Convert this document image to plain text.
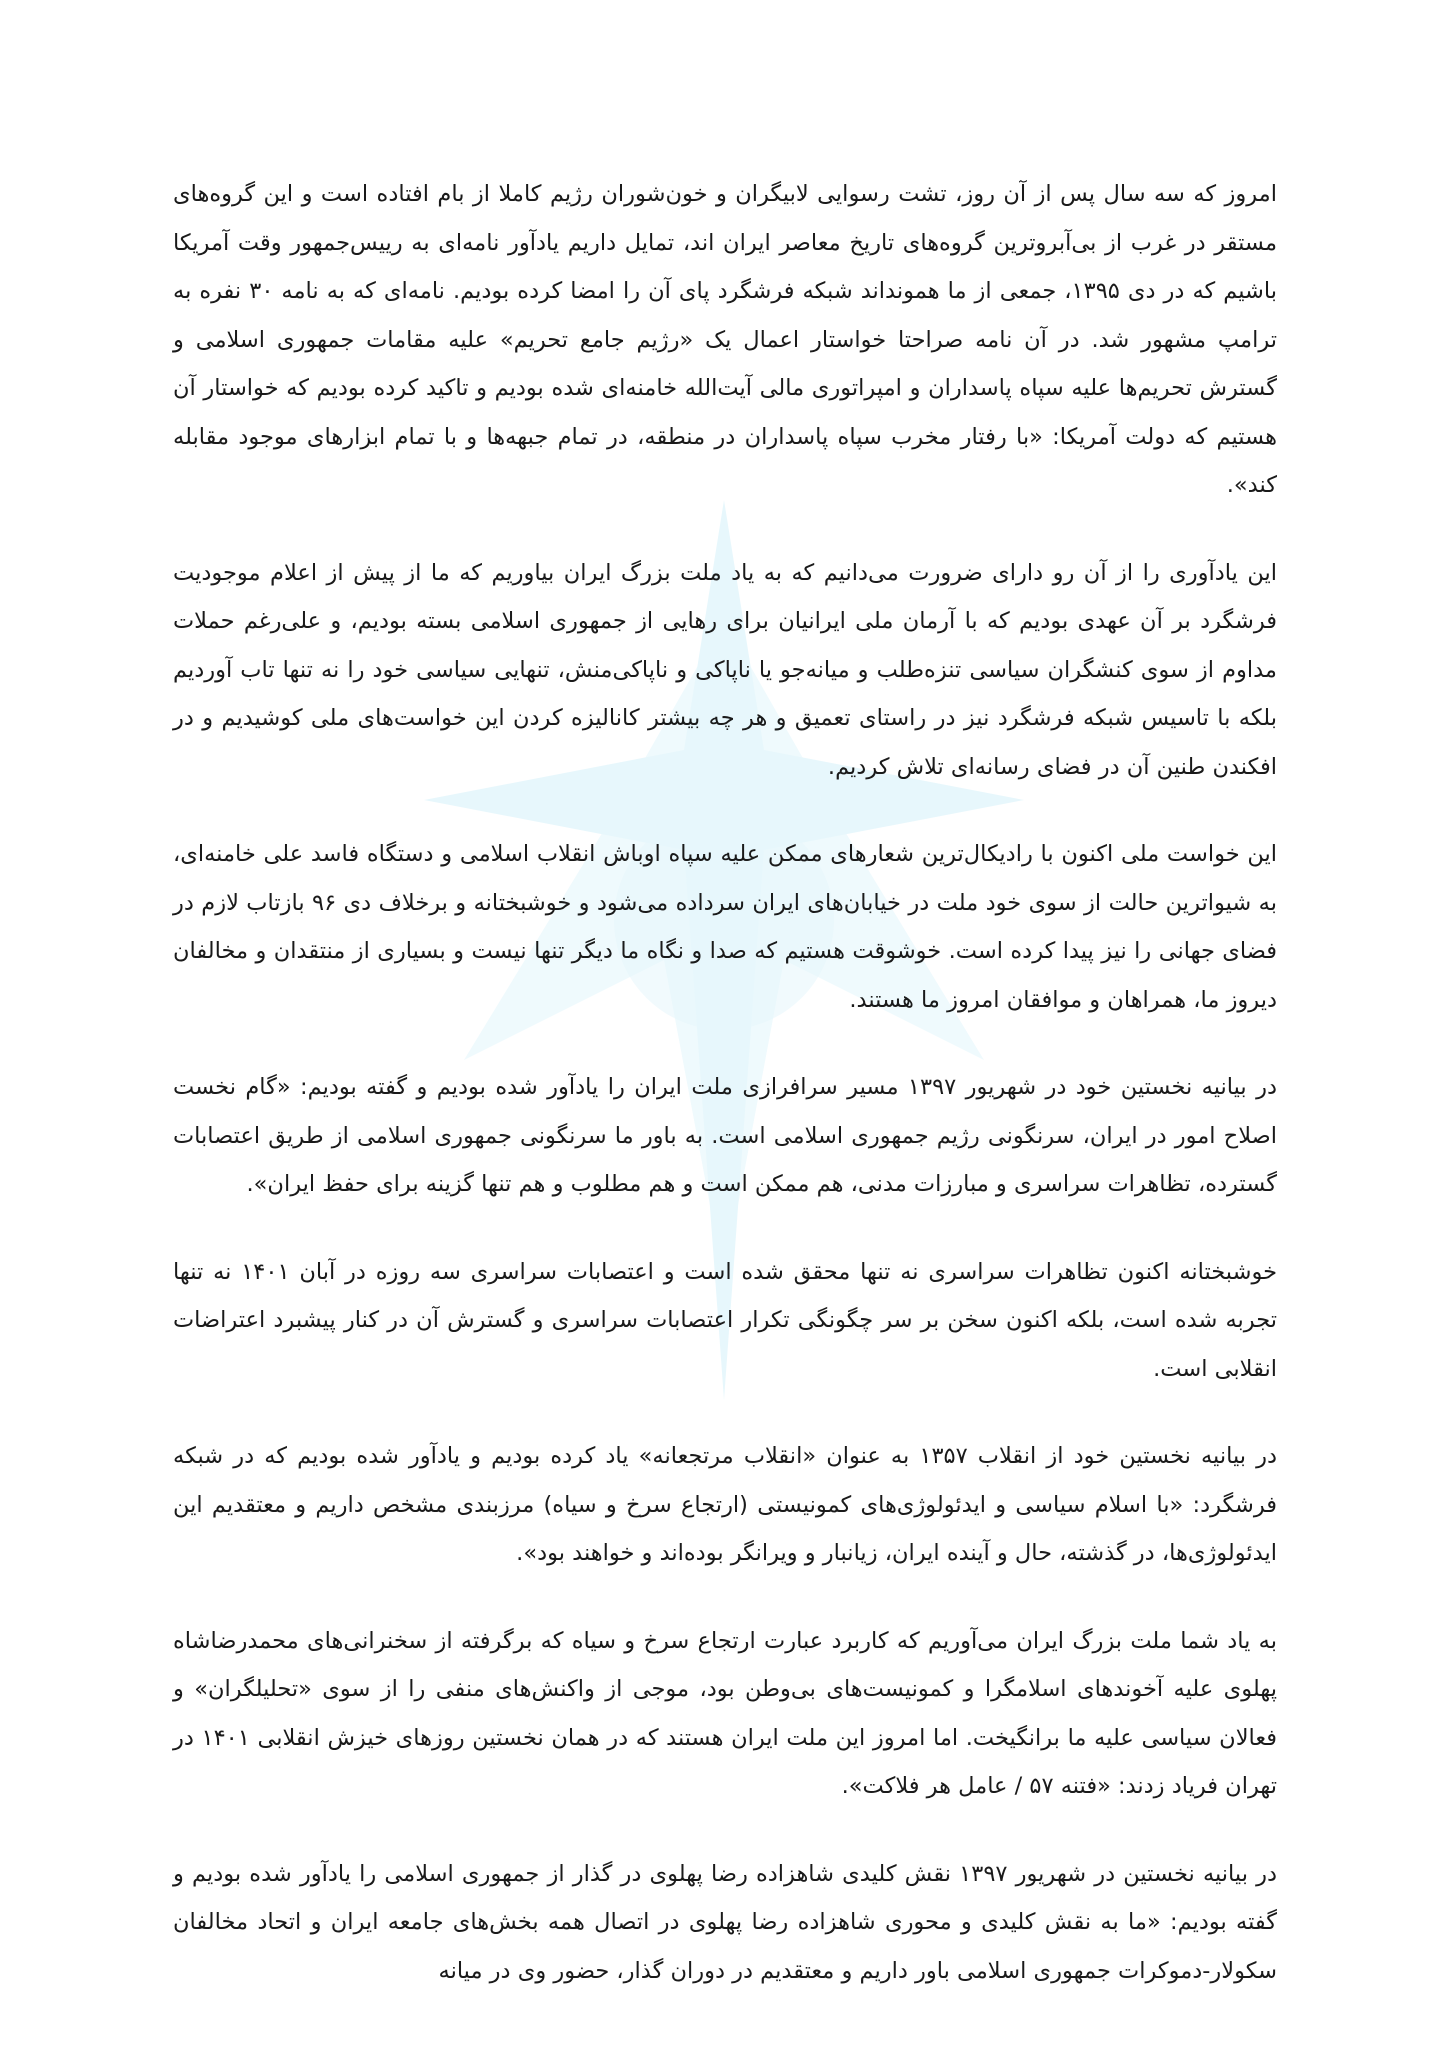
امروز که سه سال پس از آن روز، تشت رسوایی لابیگران و خون‌شوران رژیم کاملا از بام افتاده است و این گروه‌های مستقر در غرب از بی‌آبروترین گروه‌های تاریخ معاصر ایران اند، تمایل داریم یادآور نامه‌ای به رییس‌جمهور وقت آمریکا باشیم که در دی ۱۳۹۵، جمعی از ما همونداند شبکه فرشگرد پای آن را امضا کرده بودیم. نامه‌ای که به نامه ۳۰ نفره به ترامپ مشهور شد. در آن نامه صراحتا خواستار اعمال یک «رژیم جامع تحریم» علیه مقامات جمهوری اسلامی و گسترش تحریم‌ها علیه سپاه پاسداران و امپراتوری مالی آیت‌الله خامنه‌ای شده بودیم و تاکید کرده بودیم که خواستار آن هستیم که دولت آمریکا: «با رفتار مخرب سپاه پاسداران در منطقه، در تمام جبهه‌ها و با تمام ابزارهای موجود مقابله کند».

این یادآوری را از آن رو دارای ضرورت می‌دانیم که به یاد ملت بزرگ ایران بیاوریم که ما از پیش از اعلام موجودیت فرشگرد بر آن عهدی بودیم که با آرمان ملی ایرانیان برای رهایی از جمهوری اسلامی بسته بودیم، و علی‌رغم حملات مداوم از سوی کنشگران سیاسی تنزه‌طلب و میانه‌جو یا ناپاکی و ناپاکی‌منش، تنهایی سیاسی خود را نه تنها تاب آوردیم بلکه با تاسیس شبکه فرشگرد نیز در راستای تعمیق و هر چه بیشتر کانالیزه کردن این خواست‌های ملی کوشیدیم و در افکندن طنین آن در فضای رسانه‌ای تلاش کردیم.

این خواست ملی اکنون با رادیکال‌ترین شعارهای ممکن علیه سپاه اوباش انقلاب اسلامی و دستگاه فاسد علی خامنه‌ای، به شیواترین حالت از سوی خود ملت در خیابان‌های ایران سرداده می‌شود و خوشبختانه و برخلاف دی ۹۶ بازتاب لازم در فضای جهانی را نیز پیدا کرده است. خوشوقت هستیم که صدا و نگاه ما دیگر تنها نیست و بسیاری از منتقدان و مخالفان دیروز ما، همراهان و موافقان امروز ما هستند.

در بیانیه نخستین خود در شهریور ۱۳۹۷ مسیر سرافرازی ملت ایران را یادآور شده بودیم و گفته بودیم: «گام نخست اصلاح امور در ایران، سرنگونی رژیم جمهوری اسلامی است. به باور ما سرنگونی جمهوری اسلامی از طریق اعتصابات گسترده، تظاهرات سراسری و مبارزات مدنی، هم ممکن است و هم مطلوب و هم تنها گزینه برای حفظ ایران».

خوشبختانه اکنون تظاهرات سراسری نه تنها محقق شده است و اعتصابات سراسری سه روزه در آبان ۱۴۰۱ نه تنها تجربه شده است، بلکه اکنون سخن بر سر چگونگی تکرار اعتصابات سراسری و گسترش آن در کنار پیشبرد اعتراضات انقلابی است.

در بیانیه نخستین خود از انقلاب ۱۳۵۷ به عنوان «انقلاب مرتجعانه» یاد کرده بودیم و یادآور شده بودیم که در شبکه فرشگرد: «با اسلام سیاسی و ایدئولوژی‌های کمونیستی (ارتجاع سرخ و سیاه) مرزبندی مشخص داریم و معتقدیم این ایدئولوژی‌ها، در گذشته، حال و آینده ایران، زیانبار و ویرانگر بوده‌اند و خواهند بود».

به یاد شما ملت بزرگ ایران می‌آوریم که کاربرد عبارت ارتجاع سرخ و سیاه که برگرفته از سخنرانی‌های محمدرضاشاه پهلوی علیه آخوندهای اسلامگرا و کمونیست‌های بی‌وطن بود، موجی از واکنش‌های منفی را از سوی «تحلیلگران» و فعالان سیاسی علیه ما برانگیخت. اما امروز این ملت ایران هستند که در همان نخستین روزهای خیزش انقلابی ۱۴۰۱ در تهران فریاد زدند: «فتنه ۵۷ / عامل هر فلاکت».

در بیانیه نخستین در شهریور ۱۳۹۷ نقش کلیدی شاهزاده رضا پهلوی در گذار از جمهوری اسلامی را یادآور شده بودیم و گفته بودیم: «ما به نقش کلیدی و محوری شاهزاده رضا پهلوی در اتصال همه بخش‌های جامعه ایران و اتحاد مخالفان سکولار-دموکرات جمهوری اسلامی باور داریم و معتقدیم در دوران گذار، حضور وی در میانه
